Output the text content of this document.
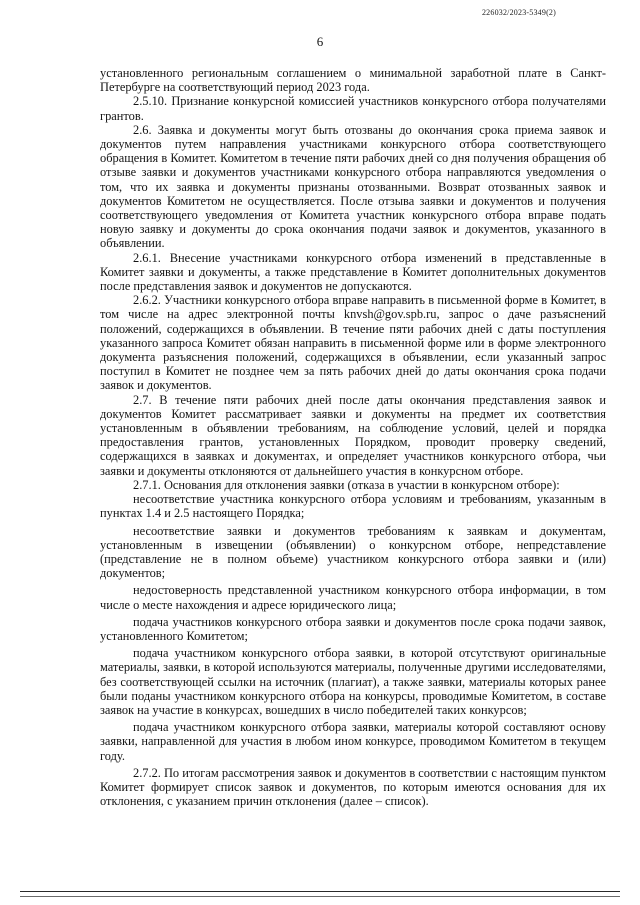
226032/2023-5349(2)
6

установленного региональным соглашением о минимальной заработной плате в Санкт-Петербурге на соответствующий период 2023 года.

2.5.10. Признание конкурсной комиссией участников конкурсного отбора получателями грантов.

2.6. Заявка и документы могут быть отозваны до окончания срока приема заявок и документов путем направления участниками конкурсного отбора соответствующего обращения в Комитет. Комитетом в течение пяти рабочих дней со дня получения обращения об отзыве заявки и документов участниками конкурсного отбора направляются уведомления о том, что их заявка и документы признаны отозванными. Возврат отозванных заявок и документов Комитетом не осуществляется. После отзыва заявки и документов и получения соответствующего уведомления от Комитета участник конкурсного отбора вправе подать новую заявку и документы до срока окончания подачи заявок и документов, указанного в объявлении.

2.6.1. Внесение участниками конкурсного отбора изменений в представленные в Комитет заявки и документы, а также представление в Комитет дополнительных документов после представления заявок и документов не допускаются.

2.6.2. Участники конкурсного отбора вправе направить в письменной форме в Комитет, в том числе на адрес электронной почты knvsh@gov.spb.ru, запрос о даче разъяснений положений, содержащихся в объявлении. В течение пяти рабочих дней с даты поступления указанного запроса Комитет обязан направить в письменной форме или в форме электронного документа разъяснения положений, содержащихся в объявлении, если указанный запрос поступил в Комитет не позднее чем за пять рабочих дней до даты окончания срока подачи заявок и документов.

2.7. В течение пяти рабочих дней после даты окончания представления заявок и документов Комитет рассматривает заявки и документы на предмет их соответствия установленным в объявлении требованиям, на соблюдение условий, целей и порядка предоставления грантов, установленных Порядком, проводит проверку сведений, содержащихся в заявках и документах, и определяет участников конкурсного отбора, чьи заявки и документы отклоняются от дальнейшего участия в конкурсном отборе.

2.7.1. Основания для отклонения заявки (отказа в участии в конкурсном отборе):

несоответствие участника конкурсного отбора условиям и требованиям, указанным в пунктах 1.4 и 2.5 настоящего Порядка;

несоответствие заявки и документов требованиям к заявкам и документам, установленным в извещении (объявлении) о конкурсном отборе, непредставление (представление не в полном объеме) участником конкурсного отбора заявки и (или) документов;

недостоверность представленной участником конкурсного отбора информации, в том числе о месте нахождения и адресе юридического лица;

подача участников конкурсного отбора заявки и документов после срока подачи заявок, установленного Комитетом;

подача участником конкурсного отбора заявки, в которой отсутствуют оригинальные материалы, заявки, в которой используются материалы, полученные другими исследователями, без соответствующей ссылки на источник (плагиат), а также заявки, материалы которых ранее были поданы участником конкурсного отбора на конкурсы, проводимые Комитетом, в составе заявок на участие в конкурсах, вошедших в число победителей таких конкурсов;

подача участником конкурсного отбора заявки, материалы которой составляют основу заявки, направленной для участия в любом ином конкурсе, проводимом Комитетом в текущем году.

2.7.2. По итогам рассмотрения заявок и документов в соответствии с настоящим пунктом Комитет формирует список заявок и документов, по которым имеются основания для их отклонения, с указанием причин отклонения (далее – список).
